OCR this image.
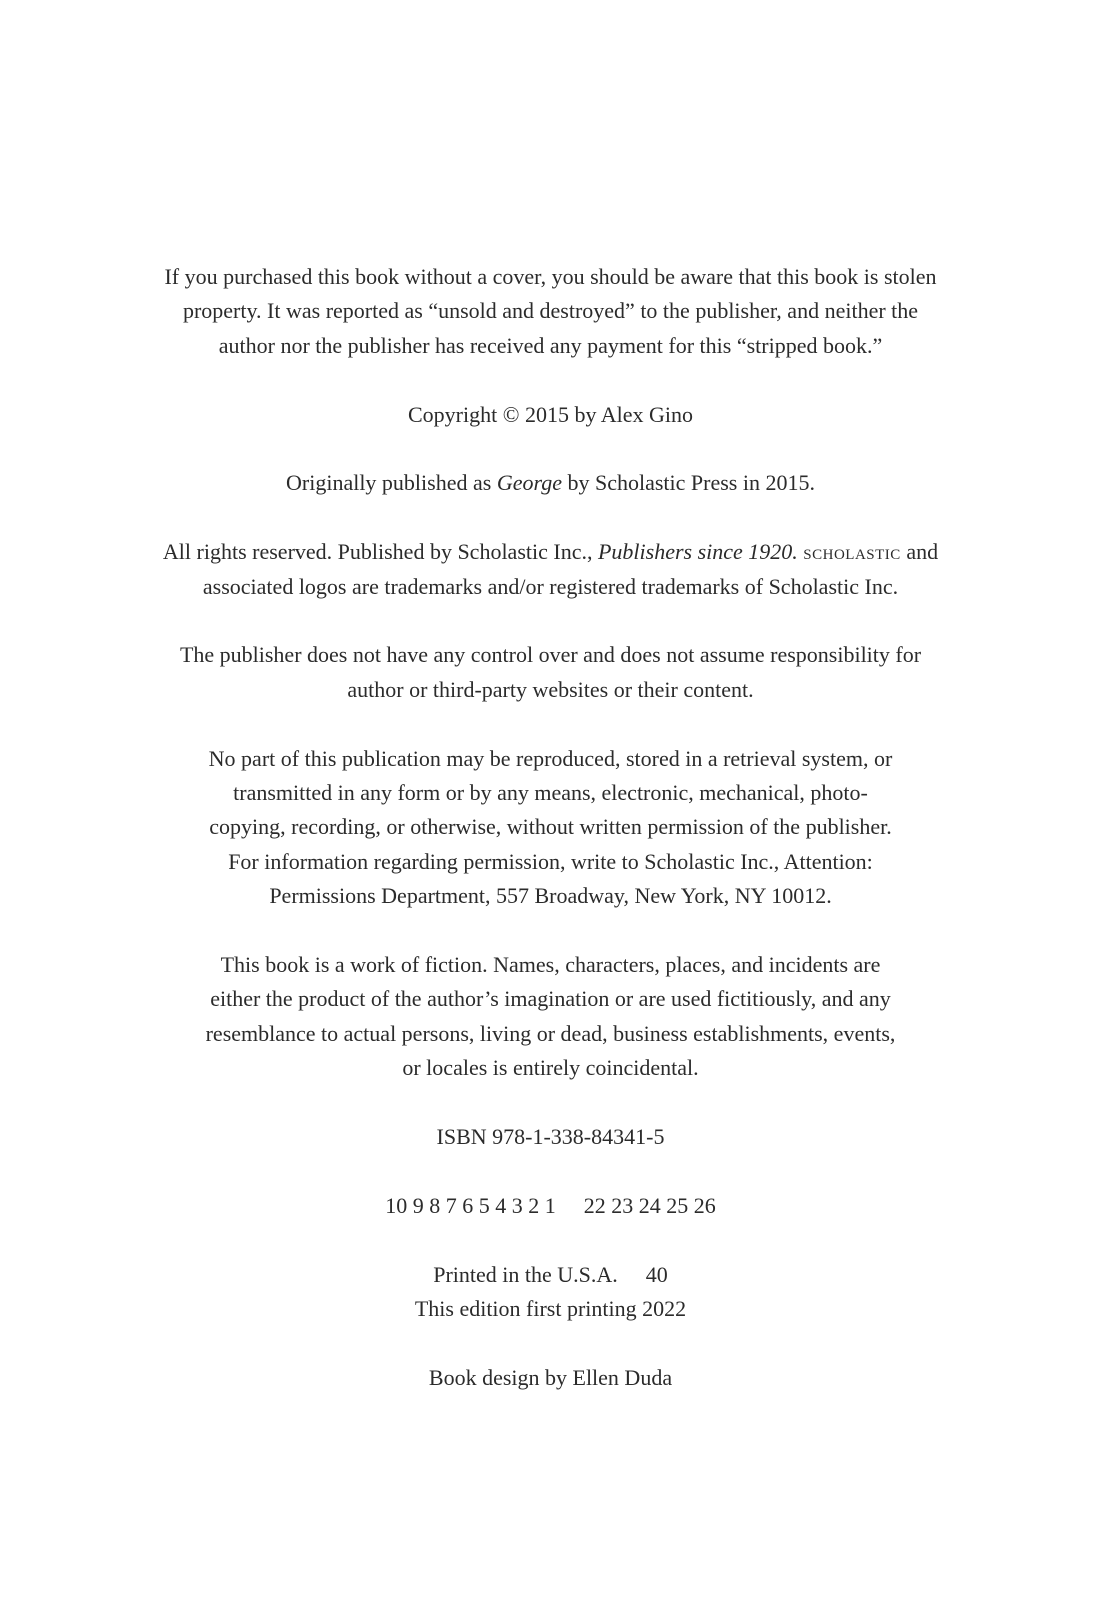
If you purchased this book without a cover, you should be aware that this book is stolen
property. It was reported as “unsold and destroyed” to the publisher, and neither the
author nor the publisher has received any payment for this “stripped book.”

Copyright © 2015 by Alex Gino

Originally published as George by Scholastic Press in 2015.

All rights reserved. Published by Scholastic Inc., Publishers since 1920. scholastic and
associated logos are trademarks and/or registered trademarks of Scholastic Inc.

The publisher does not have any control over and does not assume responsibility for
author or third-party websites or their content.

No part of this publication may be reproduced, stored in a retrieval system, or
transmitted in any form or by any means, electronic, mechanical, photo-
copying, recording, or otherwise, without written permission of the publisher.
For information regarding permission, write to Scholastic Inc., Attention:
Permissions Department, 557 Broadway, New York, NY 10012.

This book is a work of fiction. Names, characters, places, and incidents are
either the product of the author’s imagination or are used fictitiously, and any
resemblance to actual persons, living or dead, business establishments, events,
or locales is entirely coincidental.

ISBN 978-1-338-84341-5

10 9 8 7 6 5 4 3 2 1 22 23 24 25 26

Printed in the U.S.A. 40
This edition first printing 2022

Book design by Ellen Duda
